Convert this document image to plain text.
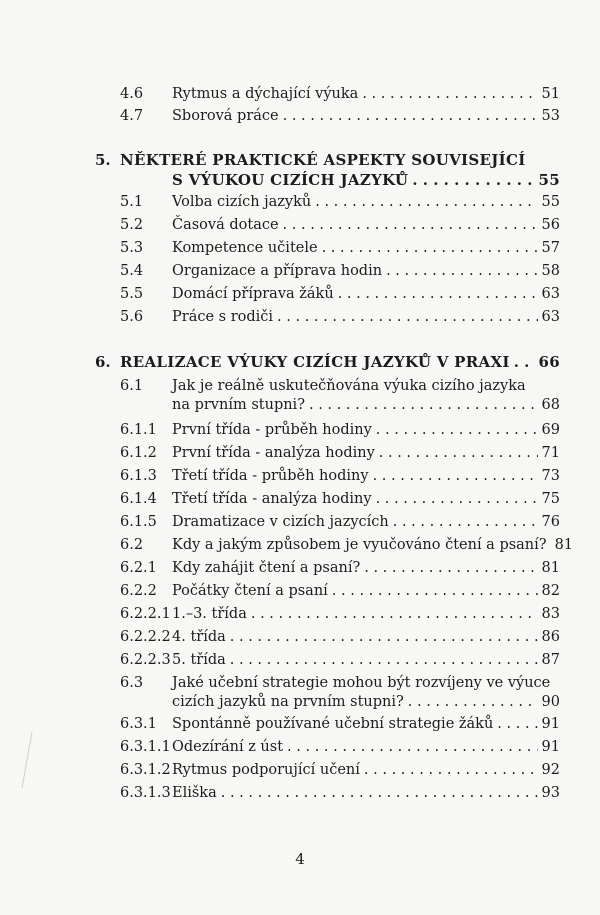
4.6 Rytmus a dýchající výuka . . .	51
4.7 Sborová práce . . .	53
5. NĚKTERÉ PRAKTICKÉ ASPEKTY SOUVISEJÍCÍ
S VÝUKOU CIZÍCH JAZYKŮ . . .	55
5.1 Volba cizích jazyků . . .	55
5.2 Časová dotace . . .	56
5.3 Kompetence učitele . . .	57
5.4 Organizace a příprava hodin . . .	58
5.5 Domácí příprava žáků . . .	63
5.6 Práce s rodiči . . .	63
6. REALIZACE VÝUKY CIZÍCH JAZYKŮ V PRAXI . . . 66
6.1 Jak je reálně uskutečňována výuka cizího jazyka
na prvním stupni? . . .	68
6.1.1 První třída - průběh hodiny . . .	69
6.1.2 První třída - analýza hodiny . . .	71
6.1.3 Třetí třída - průběh hodiny . . .	73
6.1.4 Třetí třída - analýza hodiny . . .	75
6.1.5 Dramatizace v cizích jazycích . . .	76
6.2 Kdy a jakým způsobem je vyučováno čtení a psaní? 81
6.2.1 Kdy zahájit čtení a psaní? . . .	81
6.2.2 Počátky čtení a psaní . . .	82
6.2.2.1 1.–3. třída . . .	83
6.2.2.2 4. třída . . .	86
6.2.2.3 5. třída . . .	87
6.3 Jaké učební strategie mohou být rozvíjeny ve výuce
cizích jazyků na prvním stupni? . . .	90
6.3.1 Spontánně používané učební strategie žáků . . .	91
6.3.1.1 Odezírání z úst . . .	91
6.3.1.2 Rytmus podporující učení . . .	92
6.3.1.3 Eliška . . .	93
4
